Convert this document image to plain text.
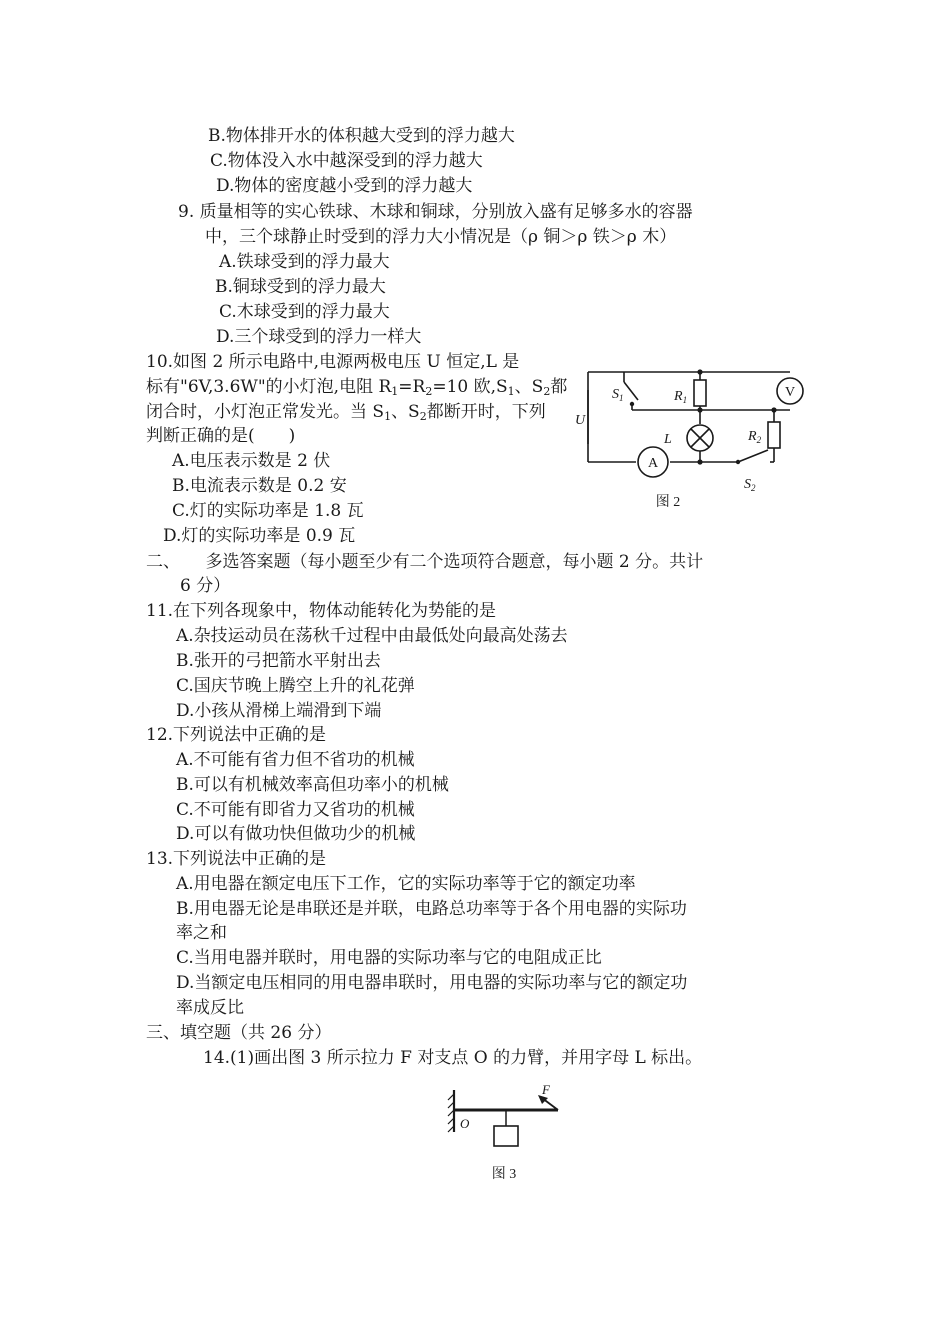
B.物体排开水的体积越大受到的浮力越大
C.物体没入水中越深受到的浮力越大
D.物体的密度越小受到的浮力越大
9. 质量相等的实心铁球、木球和铜球，分别放入盛有足够多水的容器
中，三个球静止时受到的浮力大小情况是（ρ 铜＞ρ 铁＞ρ 木）
A.铁球受到的浮力最大
B.铜球受到的浮力最大
C.木球受到的浮力最大
D.三个球受到的浮力一样大
10.如图 2 所示电路中,电源两极电压 U 恒定,L 是
标有"6V,3.6W"的小灯泡,电阻 $R_1=R_2=10$ 欧$,S_1$、$S_2$都
闭合时，小灯泡正常发光。当 $S_1$、$S_2$都断开时，下列
判断正确的是(　　)
A.电压表示数是 2 伏
B.电流表示数是 0.2 安
C.灯的实际功率是 1.8 瓦
D.灯的实际功率是 0.9 瓦
$S_1$	$R_1$
$R_2$
L
U
$S_2$
V
A
图 2
二、　　多选答案题（每小题至少有二个选项符合题意，每小题 2 分。共计
6 分）
11.在下列各现象中，物体动能转化为势能的是
A.杂技运动员在荡秋千过程中由最低处向最高处荡去
B.张开的弓把箭水平射出去
C.国庆节晚上腾空上升的礼花弹
D.小孩从滑梯上端滑到下端
12.下列说法中正确的是
A.不可能有省力但不省功的机械
B.可以有机械效率高但功率小的机械
C.不可能有即省力又省功的机械
D.可以有做功快但做功少的机械
13.下列说法中正确的是
A.用电器在额定电压下工作，它的实际功率等于它的额定功率
B.用电器无论是串联还是并联，电路总功率等于各个用电器的实际功
率之和
C.当用电器并联时，用电器的实际功率与它的电阻成正比
D.当额定电压相同的用电器串联时，用电器的实际功率与它的额定功
率成反比
三、填空题（共 26 分）
14.(1)画出图 3 所示拉力 F 对支点 O 的力臂，并用字母 L 标出。
O
F
图 3
